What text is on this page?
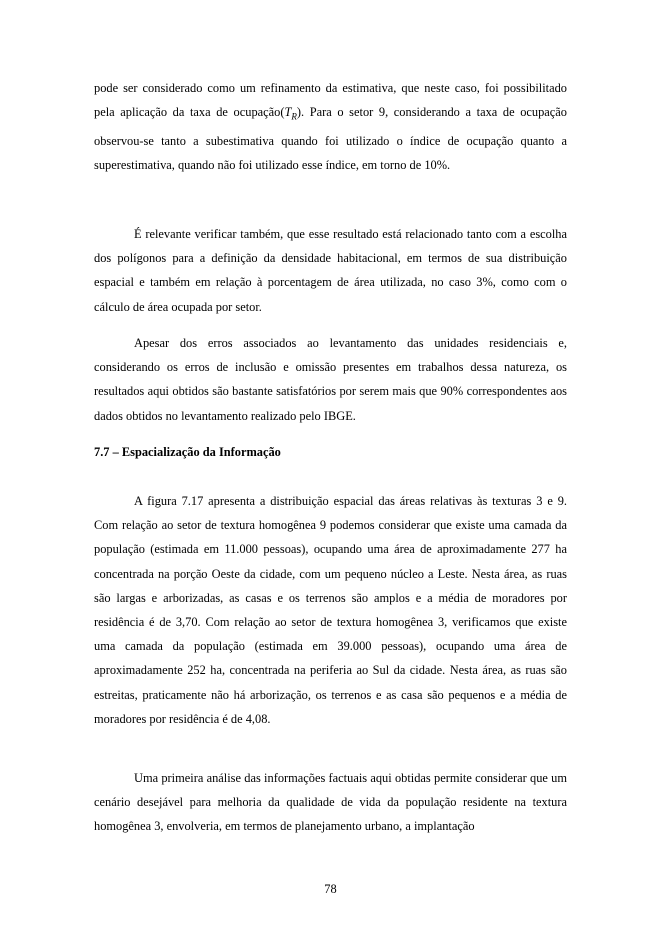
pode ser considerado como um refinamento da estimativa, que neste caso, foi possibilitado pela aplicação da taxa de $ocupação(T_R)$. Para o setor 9, considerando a taxa de ocupação observou-se tanto a subestimativa quando foi utilizado o índice de ocupação quanto a superestimativa, quando não foi utilizado esse índice, em torno de 10%.

É relevante verificar também, que esse resultado está relacionado tanto com a escolha dos polígonos para a definição da densidade habitacional, em termos de sua distribuição espacial e também em relação à porcentagem de área utilizada, no caso 3%, como com o cálculo de área ocupada por setor.

Apesar dos erros associados ao levantamento das unidades residenciais e, considerando os erros de inclusão e omissão presentes em trabalhos dessa natureza, os resultados aqui obtidos são bastante satisfatórios por serem mais que 90% correspondentes aos dados obtidos no levantamento realizado pelo IBGE.

7.7 – Espacialização da Informação

A figura 7.17 apresenta a distribuição espacial das áreas relativas às texturas 3 e 9. Com relação ao setor de textura homogênea 9 podemos considerar que existe uma camada da população (estimada em 11.000 pessoas), ocupando uma área de aproximadamente 277 ha concentrada na porção Oeste da cidade, com um pequeno núcleo a Leste. Nesta área, as ruas são largas e arborizadas, as casas e os terrenos são amplos e a média de moradores por residência é de 3,70. Com relação ao setor de textura homogênea 3, verificamos que existe uma camada da população (estimada em 39.000 pessoas), ocupando uma área de aproximadamente 252 ha, concentrada na periferia ao Sul da cidade. Nesta área, as ruas são estreitas, praticamente não há arborização, os terrenos e as casa são pequenos e a média de moradores por residência é de 4,08.

Uma primeira análise das informações factuais aqui obtidas permite considerar que um cenário desejável para melhoria da qualidade de vida da população residente na textura homogênea 3, envolveria, em termos de planejamento urbano, a implantação

78
